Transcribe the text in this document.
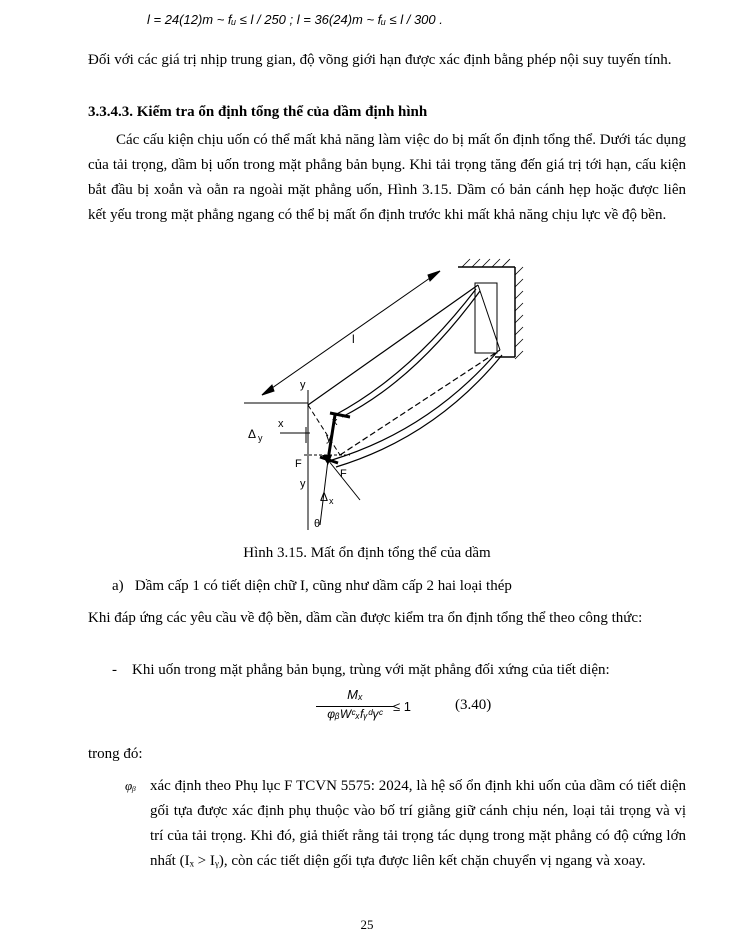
l = 24(12)m ~ fᵤ ≤ l / 250 ; l = 36(24)m ~ fᵤ ≤ l / 300 .
Đối với các giá trị nhịp trung gian, độ võng giới hạn được xác định bằng phép nội suy tuyến tính.
3.3.4.3. Kiểm tra ổn định tổng thể của dầm định hình
Các cấu kiện chịu uốn có thể mất khả năng làm việc do bị mất ổn định tổng thể. Dưới tác dụng của tải trọng, dầm bị uốn trong mặt phẳng bản bụng. Khi tải trọng tăng đến giá trị tới hạn, cấu kiện bắt đầu bị xoắn và oằn ra ngoài mặt phẳng uốn, Hình 3.15. Dầm có bản cánh hẹp hoặc được liên kết yếu trong mặt phẳng ngang có thể bị mất ổn định trước khi mất khả năng chịu lực về độ bền.
l
y
x	x
y
Δ y
F
F
y
Δ x
θ
Hình 3.15. Mất ổn định tổng thể của dầm
a)   Dầm cấp 1 có tiết diện chữ I, cũng như dầm cấp 2 hai loại thép
Khi đáp ứng các yêu cầu về độ bền, dầm cần được kiểm tra ổn định tổng thể theo công thức:
-    Khi uốn trong mặt phẳng bản bụng, trùng với mặt phẳng đối xứng của tiết diện:
Mₓ
φᵦWᶜₓfᵧᵈγᶜ ≤ 1	(3.40)
trong đó:
φᵦ xác định theo Phụ lục F TCVN 5575: 2024, là hệ số ổn định khi uốn của dầm có tiết diện gối tựa được xác định phụ thuộc vào bố trí giằng giữ cánh chịu nén, loại tải trọng và vị trí của tải trọng. Khi đó, giả thiết rằng tải trọng tác dụng trong mặt phẳng có độ cứng lớn nhất (Iₓ > Iᵧ), còn các tiết diện gối tựa được liên kết chặn chuyển vị ngang và xoay.
25
